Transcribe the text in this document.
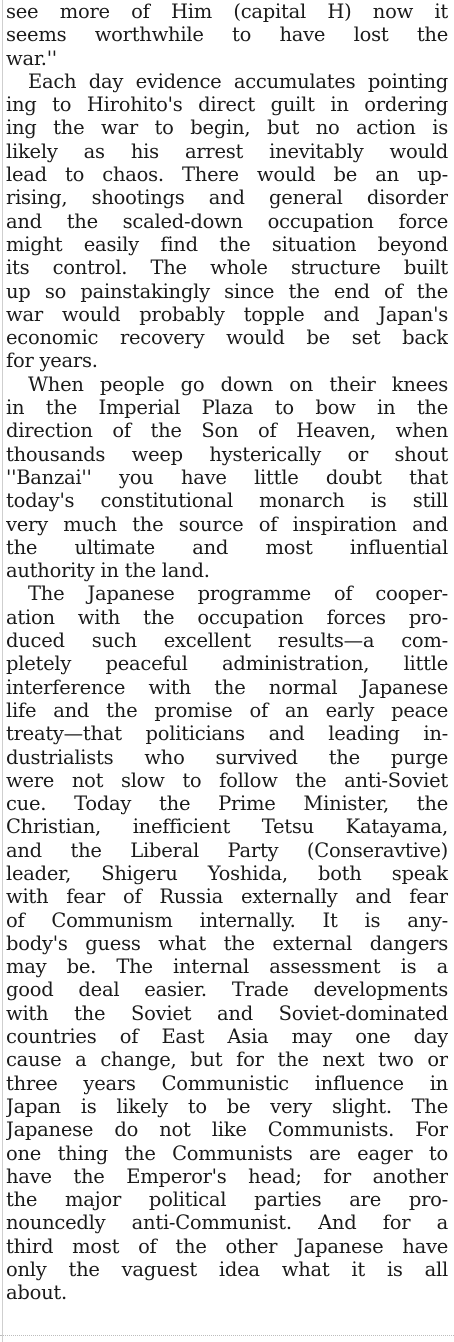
see more of Him (capital H) now it
seems worthwhile to have lost the
war.''
Each day evidence accumulates pointing
ing to Hirohito's direct guilt in ordering
ing the war to begin, but no action is
likely as his arrest inevitably would
lead to chaos. There would be an up-
rising, shootings and general disorder
and the scaled-down occupation force
might easily find the situation beyond
its control. The whole structure built
up so painstakingly since the end of the
war would probably topple and Japan's
economic recovery would be set back
for years.
When people go down on their knees
in the Imperial Plaza to bow in the
direction of the Son of Heaven, when
thousands weep hysterically or shout
''Banzai'' you have little doubt that
today's constitutional monarch is still
very much the source of inspiration and
the ultimate and most influential
authority in the land.
The Japanese programme of cooper-
ation with the occupation forces pro-
duced such excellent results—a com-
pletely peaceful administration, little
interference with the normal Japanese
life and the promise of an early peace
treaty—that politicians and leading in-
dustrialists who survived the purge
were not slow to follow the anti-Soviet
cue. Today the Prime Minister, the
Christian, inefficient Tetsu Katayama,
and the Liberal Party (Conseravtive)
leader, Shigeru Yoshida, both speak
with fear of Russia externally and fear
of Communism internally. It is any-
body's guess what the external dangers
may be. The internal assessment is a
good deal easier. Trade developments
with the Soviet and Soviet-dominated
countries of East Asia may one day
cause a change, but for the next two or
three years Communistic influence in
Japan is likely to be very slight. The
Japanese do not like Communists. For
one thing the Communists are eager to
have the Emperor's head; for another
the major political parties are pro-
nouncedly anti-Communist. And for a
third most of the other Japanese have
only the vaguest idea what it is all
about.
